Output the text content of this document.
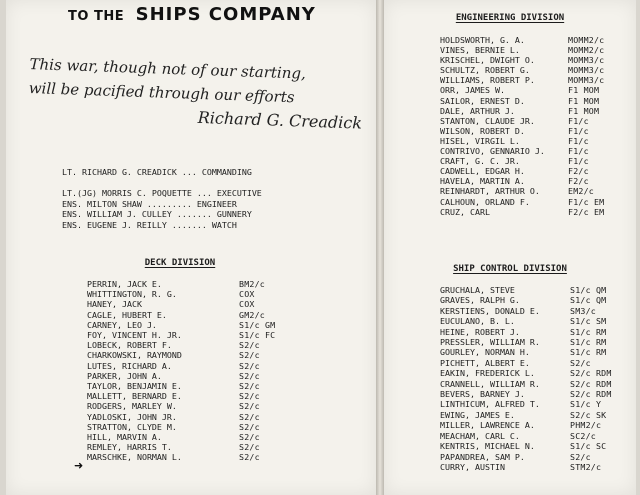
TO THE SHIPS COMPANY
This war, though not of our starting,
will be pacified through our efforts
Richard G. Creadick
LT. RICHARD G. CREADICK ... COMMANDING
LT.(JG) MORRIS C. POQUETTE ... EXECUTIVE
ENS. MILTON SHAW ......... ENGINEER
ENS. WILLIAM J. CULLEY ....... GUNNERY
ENS. EUGENE J. REILLY ....... WATCH
DECK DIVISION
PERRIN, JACK E.	BM2/c
WHITTINGTON, R. G.	COX
HANEY, JACK	COX
CAGLE, HUBERT E.	GM2/c
CARNEY, LEO J.	S1/c GM
FOY, VINCENT H. JR.	S1/c FC
LOBECK, ROBERT F.	S2/c
CHARKOWSKI, RAYMOND	S2/c
LUTES, RICHARD A.	S2/c
PARKER, JOHN A.	S2/c
TAYLOR, BENJAMIN E.	S2/c
MALLETT, BERNARD E.	S2/c
RODGERS, MARLEY W.	S2/c
YADLOSKI, JOHN JR.	S2/c
STRATTON, CLYDE M.	S2/c
HILL, MARVIN A.	S2/c
REMLEY, HARRIS T.	S2/c
MARSCHKE, NORMAN L.	S2/c
➜
ENGINEERING DIVISION
HOLDSWORTH, G. A.	MOMM2/c
VINES, BERNIE L.	MOMM2/c
KRISCHEL, DWIGHT O.	MOMM3/c
SCHULTZ, ROBERT G.	MOMM3/c
WILLIAMS, ROBERT P.	MOMM3/c
ORR, JAMES W.	F1 MOM
SAILOR, ERNEST D.	F1 MOM
DALE, ARTHUR J.	F1 MOM
STANTON, CLAUDE JR.	F1/c
WILSON, ROBERT D.	F1/c
HISEL, VIRGIL L.	F1/c
CONTRIVO, GENNARIO J.	F1/c
CRAFT, G. C. JR.	F1/c
CADWELL, EDGAR H.	F2/c
HAVELA, MARTIN A.	F2/c
REINHARDT, ARTHUR O.	EM2/c
CALHOUN, ORLAND F.	F1/c EM
CRUZ, CARL	F2/c EM
SHIP CONTROL DIVISION
GRUCHALA, STEVE	S1/c QM
GRAVES, RALPH G.	S1/c QM
KERSTIENS, DONALD E.	SM3/c
EUCULANO, B. L.	S1/c SM
HEINE, ROBERT J.	S1/c RM
PRESSLER, WILLIAM R.	S1/c RM
GOURLEY, NORMAN H.	S1/c RM
PICHETT, ALBERT E.	S2/c
EAKIN, FREDERICK L.	S2/c RDM
CRANNELL, WILLIAM R.	S2/c RDM
BEVERS, BARNEY J.	S2/c RDM
LINTHICUM, ALFRED T.	S1/c Y
EWING, JAMES E.	S2/c SK
MILLER, LAWRENCE A.	PHM2/c
MEACHAM, CARL C.	SC2/c
KENTRIS, MICHAEL N.	S1/c SC
PAPANDREA, SAM P.	S2/c
CURRY, AUSTIN	STM2/c
